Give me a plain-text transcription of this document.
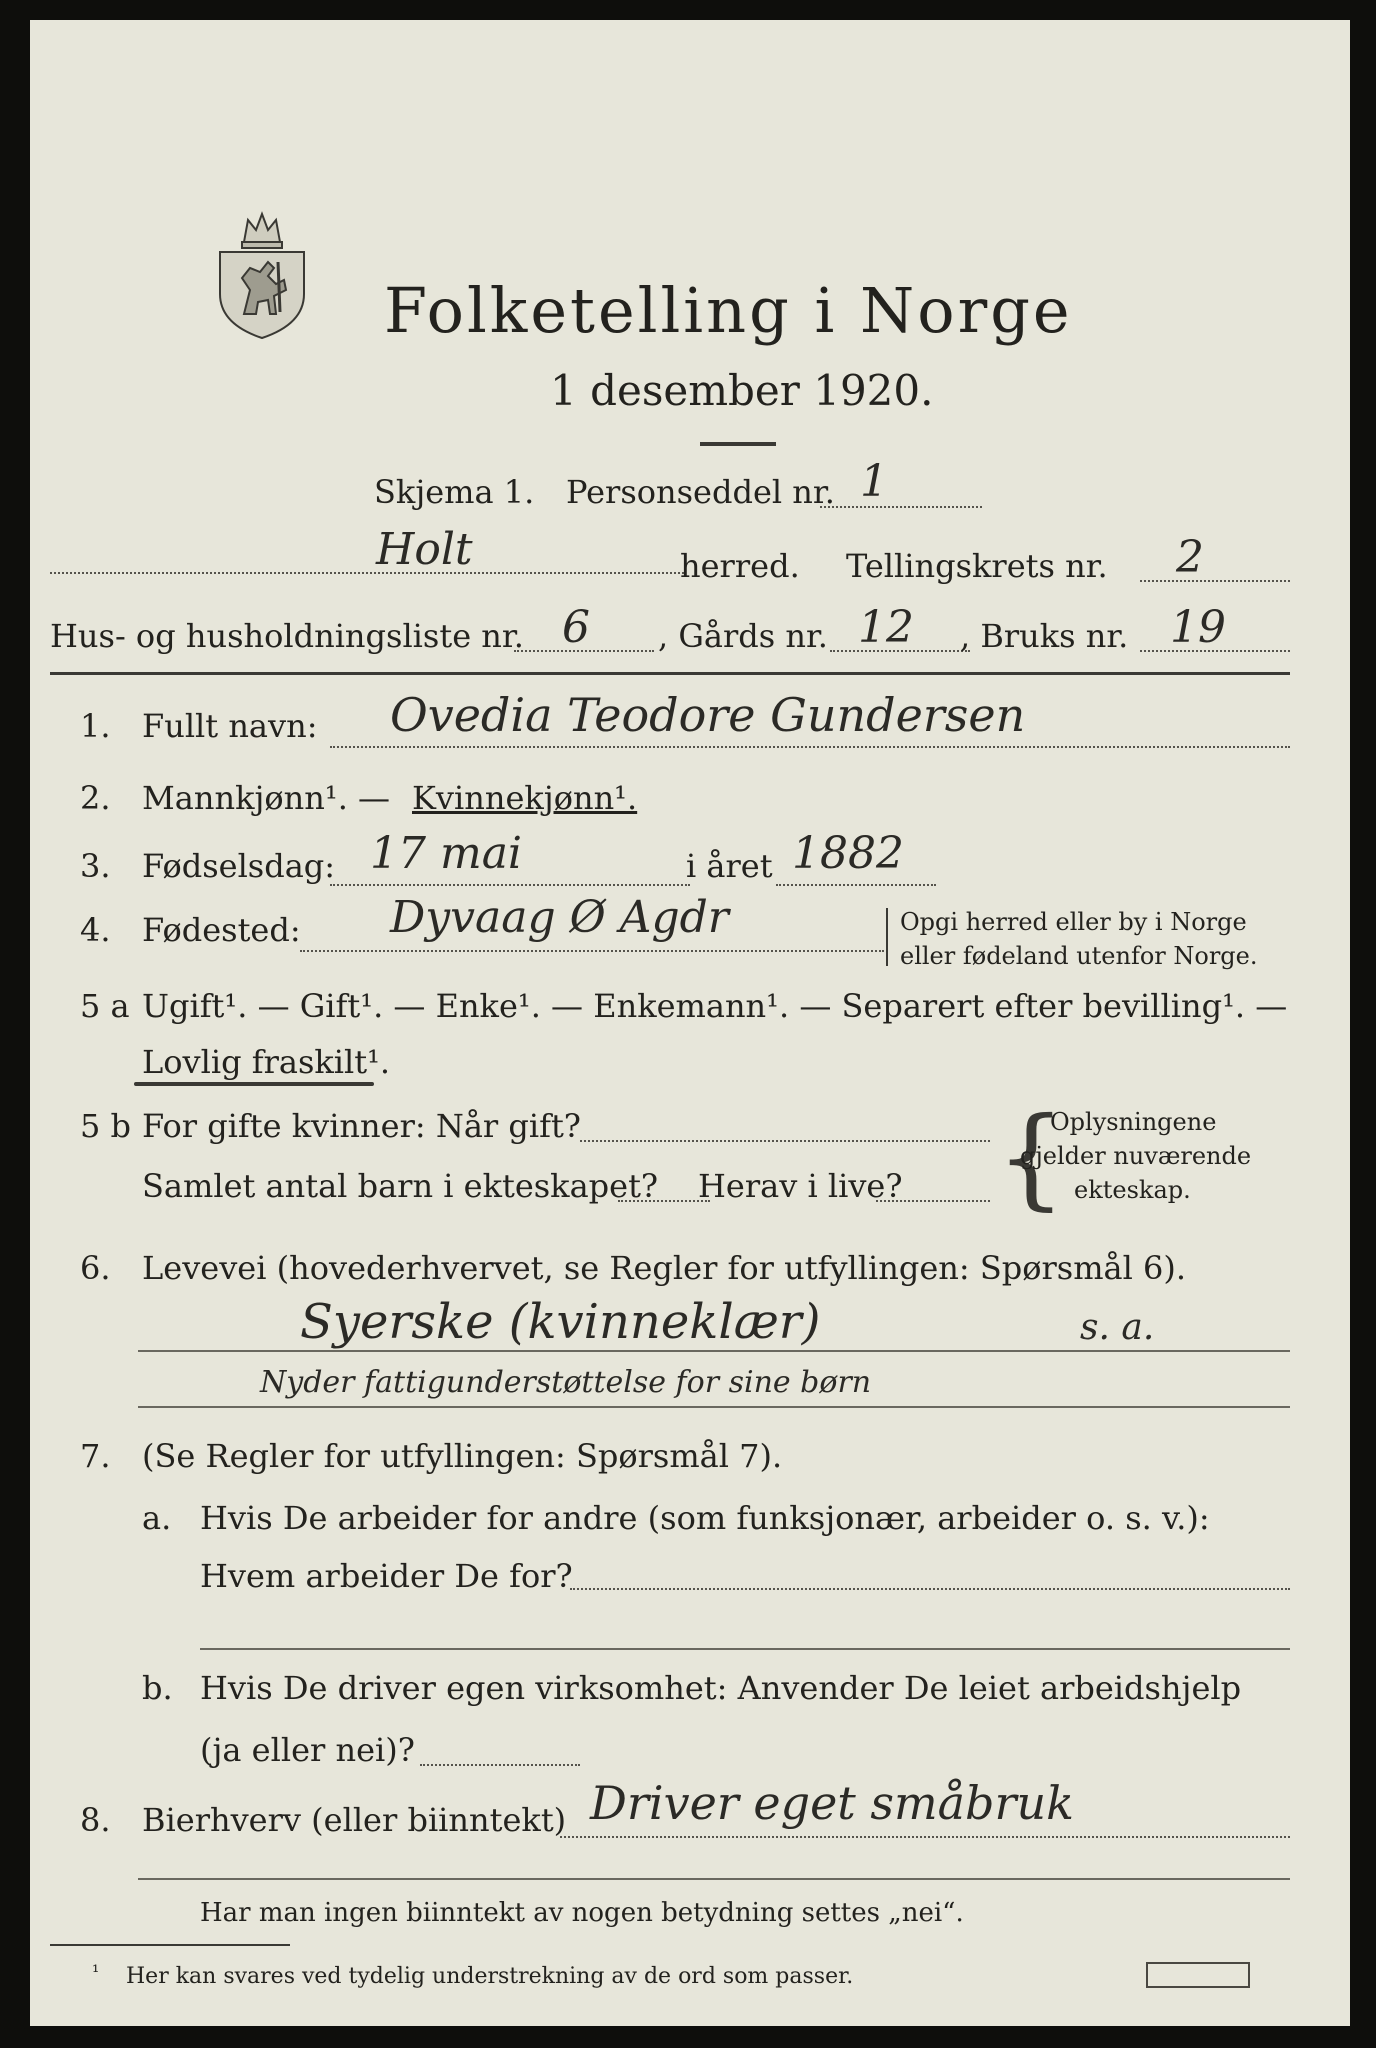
Folketelling i Norge
1 desember 1920.
Skjema 1. Personseddel nr. 1
Holt	herred. Tellingskrets nr. 2
Hus- og husholdningsliste nr. 6 , Gårds nr. 12 , Bruks nr. 19
1. Fullt navn: Ovedia Teodore Gundersen
2. Mannkjønn¹. — Kvinnekjønn¹.
3. Fødselsdag: 17 mai	i året 1882
4. Fødested: Dyvaag Ø Agdr	Opgi herred eller by i Norge
eller fødeland utenfor Norge.
5 a Ugift¹. — Gift¹. — Enke¹. — Enkemann¹. — Separert efter bevilling¹. —
Lovlig fraskilt¹.
5 b For gifte kvinner: Når gift?
Samlet antal barn i ekteskapet? Herav i live? {
Oplysningene
gjelder nuværende
ekteskap.
6. Levevei (hovederhvervet, se Regler for utfyllingen: Spørsmål 6).
Syerske (kvinneklær)	s. a.
Nyder fattigunderstøttelse for sine børn
7. (Se Regler for utfyllingen: Spørsmål 7).
a. Hvis De arbeider for andre (som funksjonær, arbeider o. s. v.):
Hvem arbeider De for?
b. Hvis De driver egen virksomhet: Anvender De leiet arbeidshjelp
(ja eller nei)?
8. Bierhverv (eller biinntekt) Driver eget småbruk
Har man ingen biinntekt av nogen betydning settes „nei“.
¹ Her kan svares ved tydelig understrekning av de ord som passer.
